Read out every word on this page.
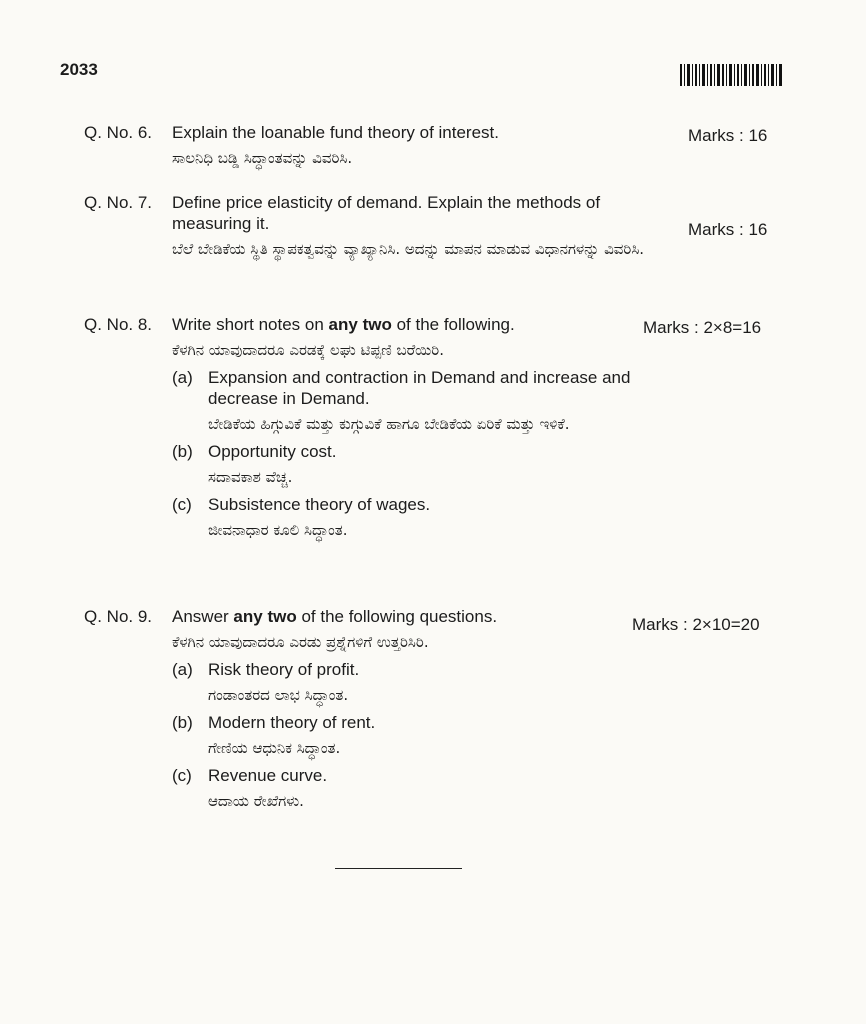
2033
Q. No. 6. Explain the loanable fund theory of interest.
ಸಾಲನಿಧಿ ಬಡ್ಡಿ ಸಿದ್ಧಾಂತವನ್ನು ವಿವರಿಸಿ.
Marks : 16
Q. No. 7. Define price elasticity of demand. Explain the methods of measuring it.
ಬೆಲೆ ಬೇಡಿಕೆಯ ಸ್ಥಿತಿ ಸ್ಥಾಪಕತ್ವವನ್ನು ವ್ಯಾಖ್ಯಾನಿಸಿ. ಅದನ್ನು ಮಾಪನ ಮಾಡುವ ವಿಧಾನಗಳನ್ನು ವಿವರಿಸಿ.
Marks : 16
Q. No. 8. Write short notes on any two of the following.
ಕೆಳಗಿನ ಯಾವುದಾದರೂ ಎರಡಕ್ಕೆ ಲಘು ಟಿಪ್ಪಣಿ ಬರೆಯಿರಿ.
(a) Expansion and contraction in Demand and increase and decrease in Demand.
ಬೇಡಿಕೆಯ ಹಿಗ್ಗುವಿಕೆ ಮತ್ತು ಕುಗ್ಗುವಿಕೆ ಹಾಗೂ ಬೇಡಿಕೆಯ ಏರಿಕೆ ಮತ್ತು ಇಳಿಕೆ.
(b) Opportunity cost.
ಸದಾವಕಾಶ ವೆಚ್ಚ.
(c) Subsistence theory of wages.
ಜೀವನಾಧಾರ ಕೂಲಿ ಸಿದ್ಧಾಂತ.
Marks : 2×8=16
Q. No. 9. Answer any two of the following questions.
ಕೆಳಗಿನ ಯಾವುದಾದರೂ ಎರಡು ಪ್ರಶ್ನೆಗಳಿಗೆ ಉತ್ತರಿಸಿರಿ.
(a) Risk theory of profit.
ಗಂಡಾಂತರದ ಲಾಭ ಸಿದ್ಧಾಂತ.
(b) Modern theory of rent.
ಗೇಣಿಯ ಆಧುನಿಕ ಸಿದ್ಧಾಂತ.
(c) Revenue curve.
ಆದಾಯ ರೇಖೆಗಳು.
Marks : 2×10=20
